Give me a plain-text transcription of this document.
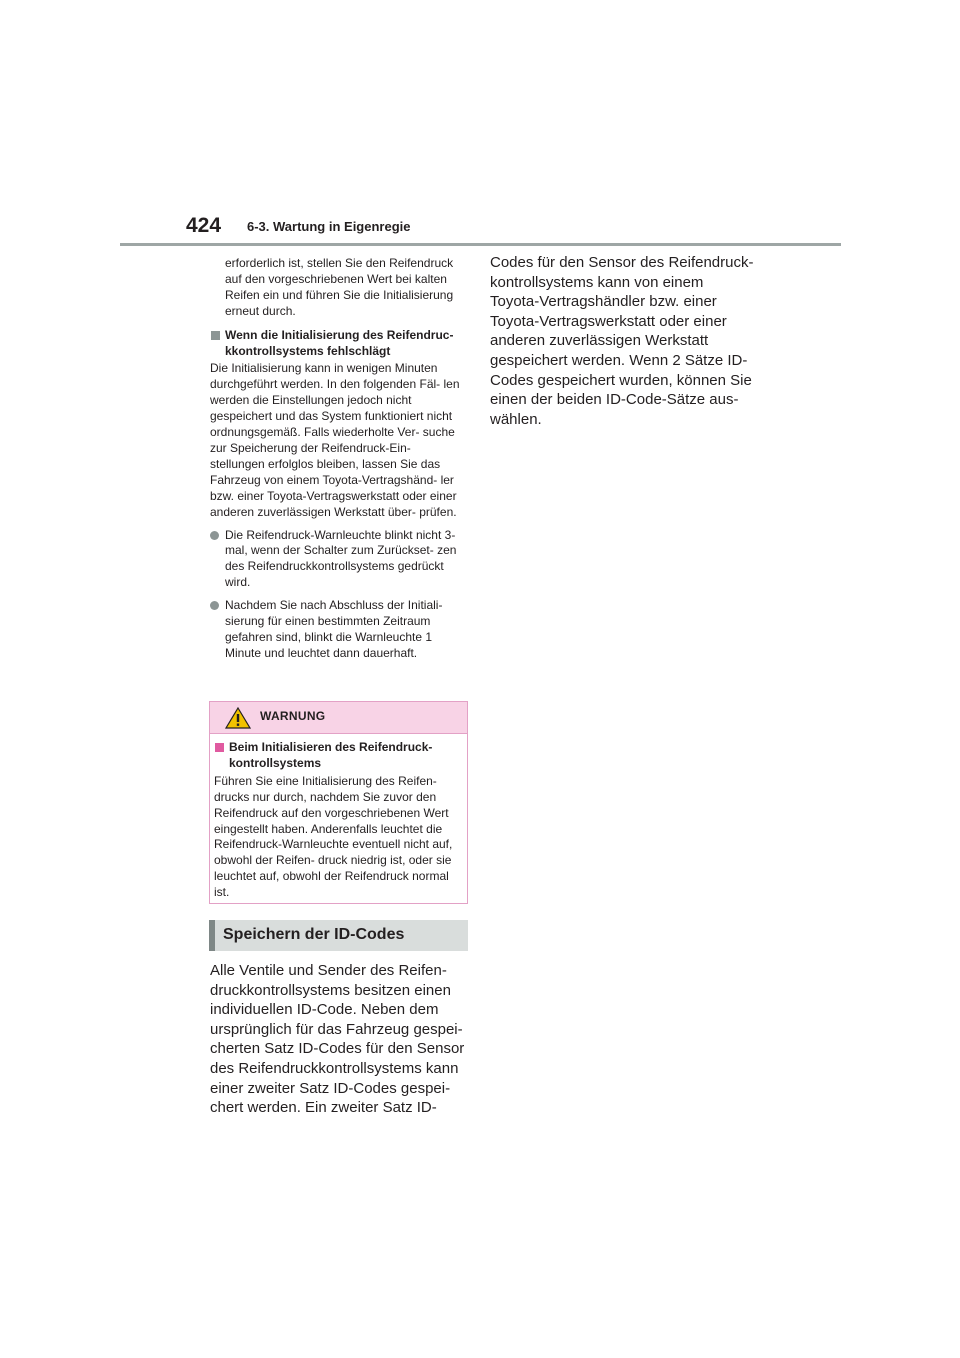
424 6-3. Wartung in Eigenregie

erforderlich ist, stellen Sie den Reifendruck auf den vorgeschriebenen Wert bei kalten Reifen ein und führen Sie die Initialisierung erneut durch.

Wenn die Initialisierung des Reifendruc- kkontrollsystems fehlschlägt

Die Initialisierung kann in wenigen Minuten durchgeführt werden. In den folgenden Fäl- len werden die Einstellungen jedoch nicht gespeichert und das System funktioniert nicht ordnungsgemäß. Falls wiederholte Ver- suche zur Speicherung der Reifendruck-Ein- stellungen erfolglos bleiben, lassen Sie das Fahrzeug von einem Toyota-Vertragshänd- ler bzw. einer Toyota-Vertragswerkstatt oder einer anderen zuverlässigen Werkstatt über- prüfen.

Die Reifendruck-Warnleuchte blinkt nicht 3-mal, wenn der Schalter zum Zurückset- zen des Reifendruckkontrollsystems gedrückt wird.
Nachdem Sie nach Abschluss der Initiali- sierung für einen bestimmten Zeitraum gefahren sind, blinkt die Warnleuchte 1 Minute und leuchtet dann dauerhaft.
WARNUNG
Beim Initialisieren des Reifendruck- kontrollsystems

Führen Sie eine Initialisierung des Reifen- drucks nur durch, nachdem Sie zuvor den Reifendruck auf den vorgeschriebenen Wert eingestellt haben. Anderenfalls leuchtet die Reifendruck-Warnleuchte eventuell nicht auf, obwohl der Reifen- druck niedrig ist, oder sie leuchtet auf, obwohl der Reifendruck normal ist.

Speichern der ID-Codes

Alle Ventile und Sender des Reifen- druckkontrollsystems besitzen einen individuellen ID-Code. Neben dem ursprünglich für das Fahrzeug gespei- cherten Satz ID-Codes für den Sensor des Reifendruckkontrollsystems kann einer zweiter Satz ID-Codes gespei- chert werden. Ein zweiter Satz ID-

Codes für den Sensor des Reifendruck- kontrollsystems kann von einem Toyota-Vertragshändler bzw. einer Toyota-Vertragswerkstatt oder einer anderen zuverlässigen Werkstatt gespeichert werden. Wenn 2 Sätze ID- Codes gespeichert wurden, können Sie einen der beiden ID-Code-Sätze aus- wählen.
